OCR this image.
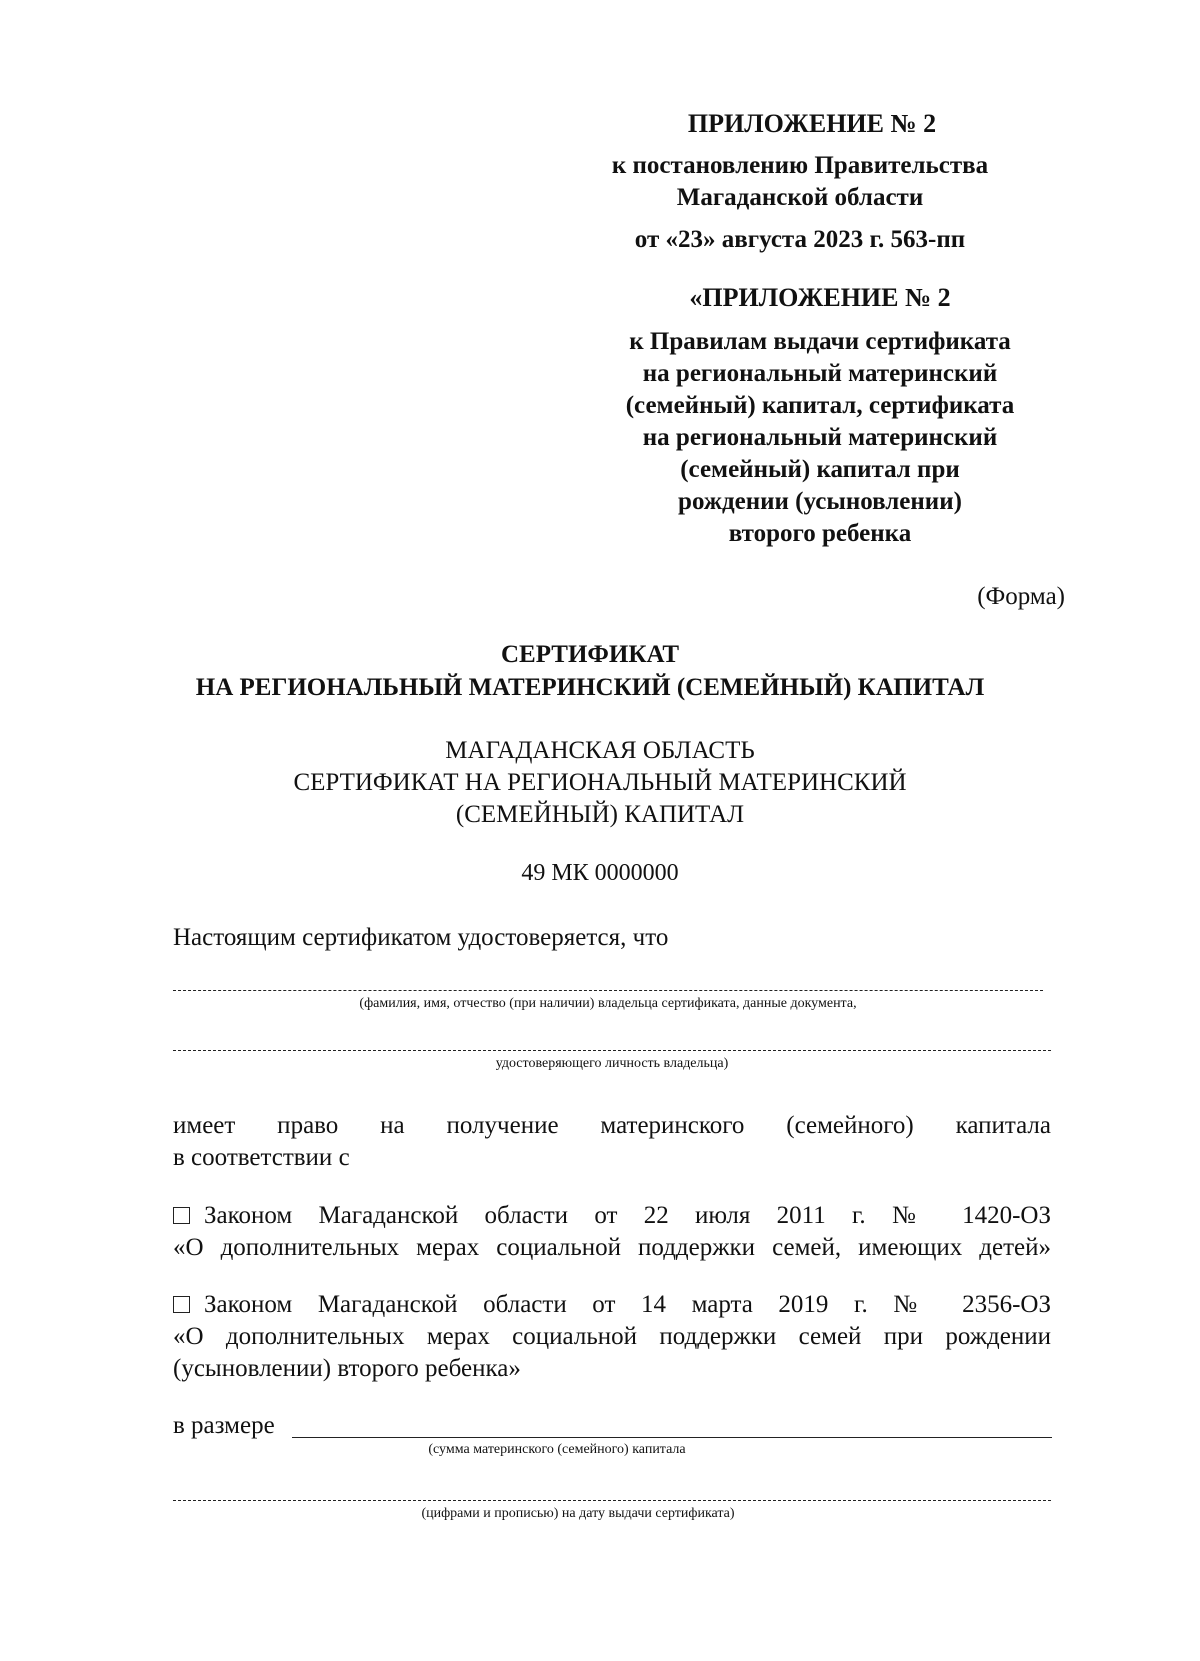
ПРИЛОЖЕНИЕ № 2
к постановлению Правительства
Магаданской области
от «23» августа 2023 г. 563-пп
«ПРИЛОЖЕНИЕ № 2
к Правилам выдачи сертификата
на региональный материнский
(семейный) капитал, сертификата
на региональный материнский
(семейный) капитал при
рождении (усыновлении)
второго ребенка
(Форма)
СЕРТИФИКАТ
НА РЕГИОНАЛЬНЫЙ МАТЕРИНСКИЙ (СЕМЕЙНЫЙ) КАПИТАЛ
МАГАДАНСКАЯ ОБЛАСТЬ
СЕРТИФИКАТ НА РЕГИОНАЛЬНЫЙ МАТЕРИНСКИЙ
(СЕМЕЙНЫЙ) КАПИТАЛ
49 МК 0000000
Настоящим сертификатом удостоверяется, что
(фамилия, имя, отчество (при наличии) владельца сертификата, данные документа,
удостоверяющего личность владельца)
имеет право на получение материнского (семейного) капитала
в соответствии с
Законом Магаданской области от 22 июля 2011 г. № 1420-ОЗ
«О дополнительных мерах социальной поддержки семей, имеющих детей»
Законом Магаданской области от 14 марта 2019 г. № 2356-ОЗ
«О дополнительных мерах социальной поддержки семей при рождении
(усыновлении) второго ребенка»
в размере
(сумма материнского (семейного) капитала
(цифрами и прописью) на дату выдачи сертификата)
